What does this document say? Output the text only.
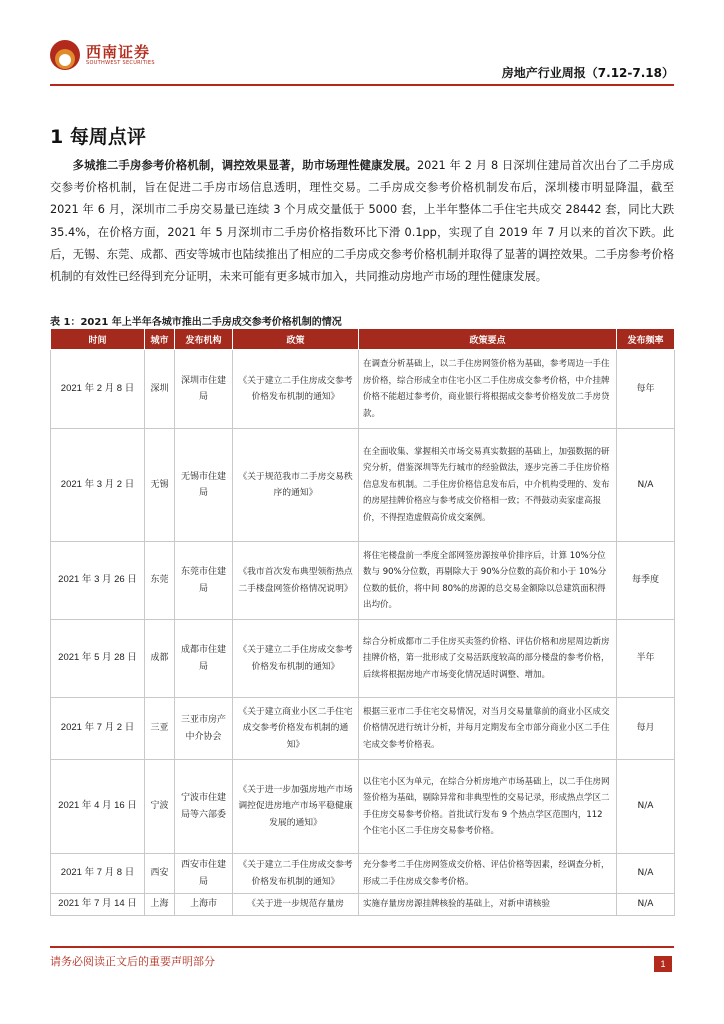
西南证券
SOUTHWEST SECURITIES
房地产行业周报（7.12-7.18）
1 每周点评

多城推二手房参考价格机制，调控效果显著，助市场理性健康发展。2021 年 2 月 8 日深圳住建局首次出台了二手房成交参考价格机制，旨在促进二手房市场信息透明，理性交易。二手房成交参考价格机制发布后，深圳楼市明显降温，截至 2021 年 6 月，深圳市二手房交易量已连续 3 个月成交量低于 5000 套，上半年整体二手住宅共成交 28442 套，同比大跌 35.4%，在价格方面，2021 年 5 月深圳市二手房价格指数环比下滑 0.1pp，实现了自 2019 年 7 月以来的首次下跌。此后，无锡、东莞、成都、西安等城市也陆续推出了相应的二手房成交参考价格机制并取得了显著的调控效果。二手房参考价格机制的有效性已经得到充分证明，未来可能有更多城市加入，共同推动房地产市场的理性健康发展。

表 1：2021 年上半年各城市推出二手房成交参考价格机制的情况
时间	城市	发布机构	政策	政策要点	发布频率
2021 年 2 月 8 日	深圳	深圳市住建局	《关于建立二手住房成交参考价格发布机制的通知》	在调查分析基础上，以二手住房网签价格为基础，参考周边一手住房价格，综合形成全市住宅小区二手住房成交参考价格，中介挂牌价格不能超过参考价，商业银行将根据成交参考价格发放二手房贷款。	每年
2021 年 3 月 2 日	无锡	无锡市住建局	《关于规范我市二手房交易秩序的通知》	在全面收集、掌握相关市场交易真实数据的基础上，加强数据的研究分析，借鉴深圳等先行城市的经验做法，逐步完善二手住房价格信息发布机制。二手住房价格信息发布后，中介机构受理的、发布的房屋挂牌价格应与参考成交价格相一致；不得鼓动卖家虚高报价，不得捏造虚假高价成交案例。	N/A
2021 年 3 月 26 日	东莞	东莞市住建局	《我市首次发布典型领衔热点二手楼盘网签价格情况说明》	将住宅楼盘前一季度全部网签房源按单价排序后，计算 10%分位数与 90%分位数，再剔除大于 90%分位数的高价和小于 10%分位数的低价，将中间 80%的房源的总交易金额除以总建筑面积得出均价。	每季度
2021 年 5 月 28 日	成都	成都市住建局	《关于建立二手住房成交参考价格发布机制的通知》	综合分析成都市二手住房买卖签约价格、评估价格和房屋周边新房挂牌价格，第一批形成了交易活跃度较高的部分楼盘的参考价格，后续将根据房地产市场变化情况适时调整、增加。	半年
2021 年 7 月 2 日	三亚	三亚市房产中介协会	《关于建立商业小区二手住宅成交参考价格发布机制的通知》	根据三亚市二手住宅交易情况，对当月交易量靠前的商业小区成交价格情况进行统计分析，并每月定期发布全市部分商业小区二手住宅成交参考价格表。	每月
2021 年 4 月 16 日	宁波	宁波市住建局等六部委	《关于进一步加强房地产市场调控促进房地产市场平稳健康发展的通知》	以住宅小区为单元，在综合分析房地产市场基础上，以二手住房网签价格为基础，剔除异常和非典型性的交易记录，形成热点学区二手住房交易参考价格。首批试行发布 9 个热点学区范围内，112 个住宅小区二手住房交易参考价格。	N/A
2021 年 7 月 8 日	西安	西安市住建局	《关于建立二手住房成交参考价格发布机制的通知》	充分参考二手住房网签成交价格、评估价格等因素，经调查分析，形成二手住房成交参考价格。	N/A
2021 年 7 月 14 日	上海	上海市	《关于进一步规范存量房	实施存量房房源挂牌核验的基础上，对新申请核验	N/A
请务必阅读正文后的重要声明部分	1
